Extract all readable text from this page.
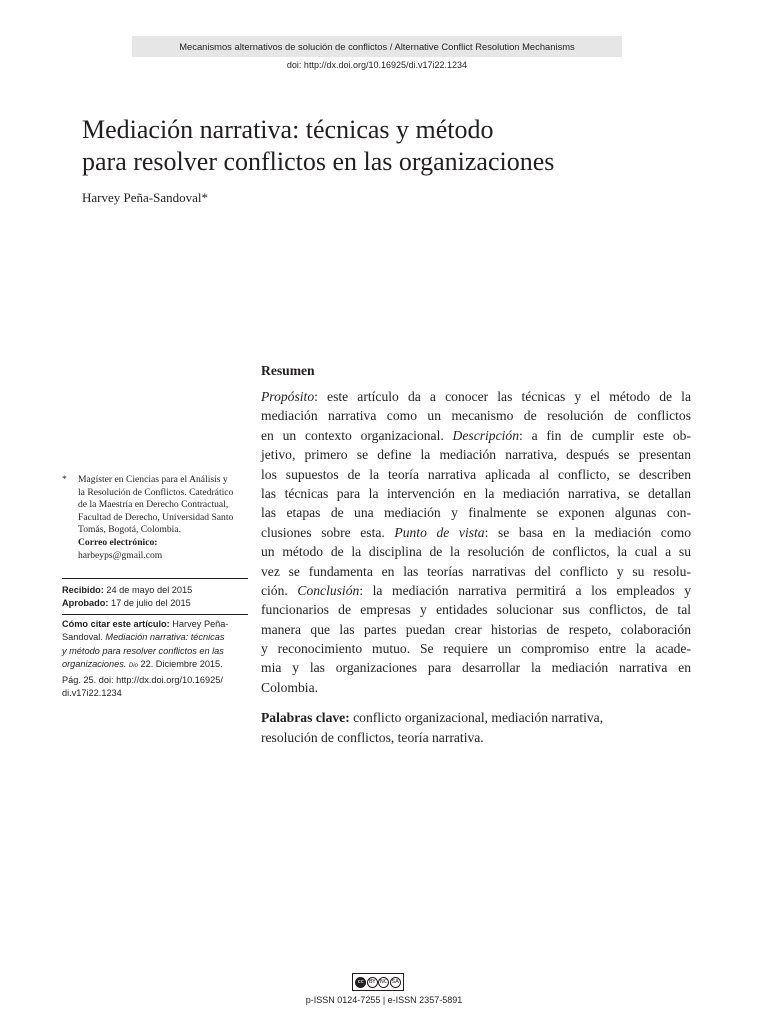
Mecanismos alternativos de solución de conflictos / Alternative Conflict Resolution Mechanisms
doi: http://dx.doi.org/10.16925/di.v17i22.1234
Mediación narrativa: técnicas y método
para resolver conflictos en las organizaciones
Harvey Peña-Sandoval*
Resumen
Propósito: este artículo da a conocer las técnicas y el método de la
mediación narrativa como un mecanismo de resolución de conflictos
en un contexto organizacional. Descripción: a fin de cumplir este ob-
jetivo, primero se define la mediación narrativa, después se presentan
los supuestos de la teoría narrativa aplicada al conflicto, se describen
las técnicas para la intervención en la mediación narrativa, se detallan
las etapas de una mediación y finalmente se exponen algunas con-
clusiones sobre esta. Punto de vista: se basa en la mediación como
un método de la disciplina de la resolución de conflictos, la cual a su
vez se fundamenta en las teorías narrativas del conflicto y su resolu-
ción. Conclusión: la mediación narrativa permitirá a los empleados y
funcionarios de empresas y entidades solucionar sus conflictos, de tal
manera que las partes puedan crear historias de respeto, colaboración
y reconocimiento mutuo. Se requiere un compromiso entre la acade-
mia y las organizaciones para desarrollar la mediación narrativa en
Colombia.
Palabras clave: conflicto organizacional, mediación narrativa,
resolución de conflictos, teoría narrativa.
* Magíster en Ciencias para el Análisis y
la Resolución de Conflictos. Catedrático
de la Maestría en Derecho Contractual,
Facultad de Derecho, Universidad Santo
Tomás, Bogotá, Colombia.
Correo electrónico:
harbeyps@gmail.com
Recibido: 24 de mayo del 2015
Aprobado: 17 de julio del 2015
Cómo citar este artículo: Harvey Peña-
Sandoval. Mediación narrativa: técnicas
y método para resolver conflictos en las
organizaciones. Dio 22. Diciembre 2015.
Pág. 25. doi: http://dx.doi.org/10.16925/
di.v17i22.1234
cc BY NC SA
p-ISSN 0124-7255 | e-ISSN 2357-5891
